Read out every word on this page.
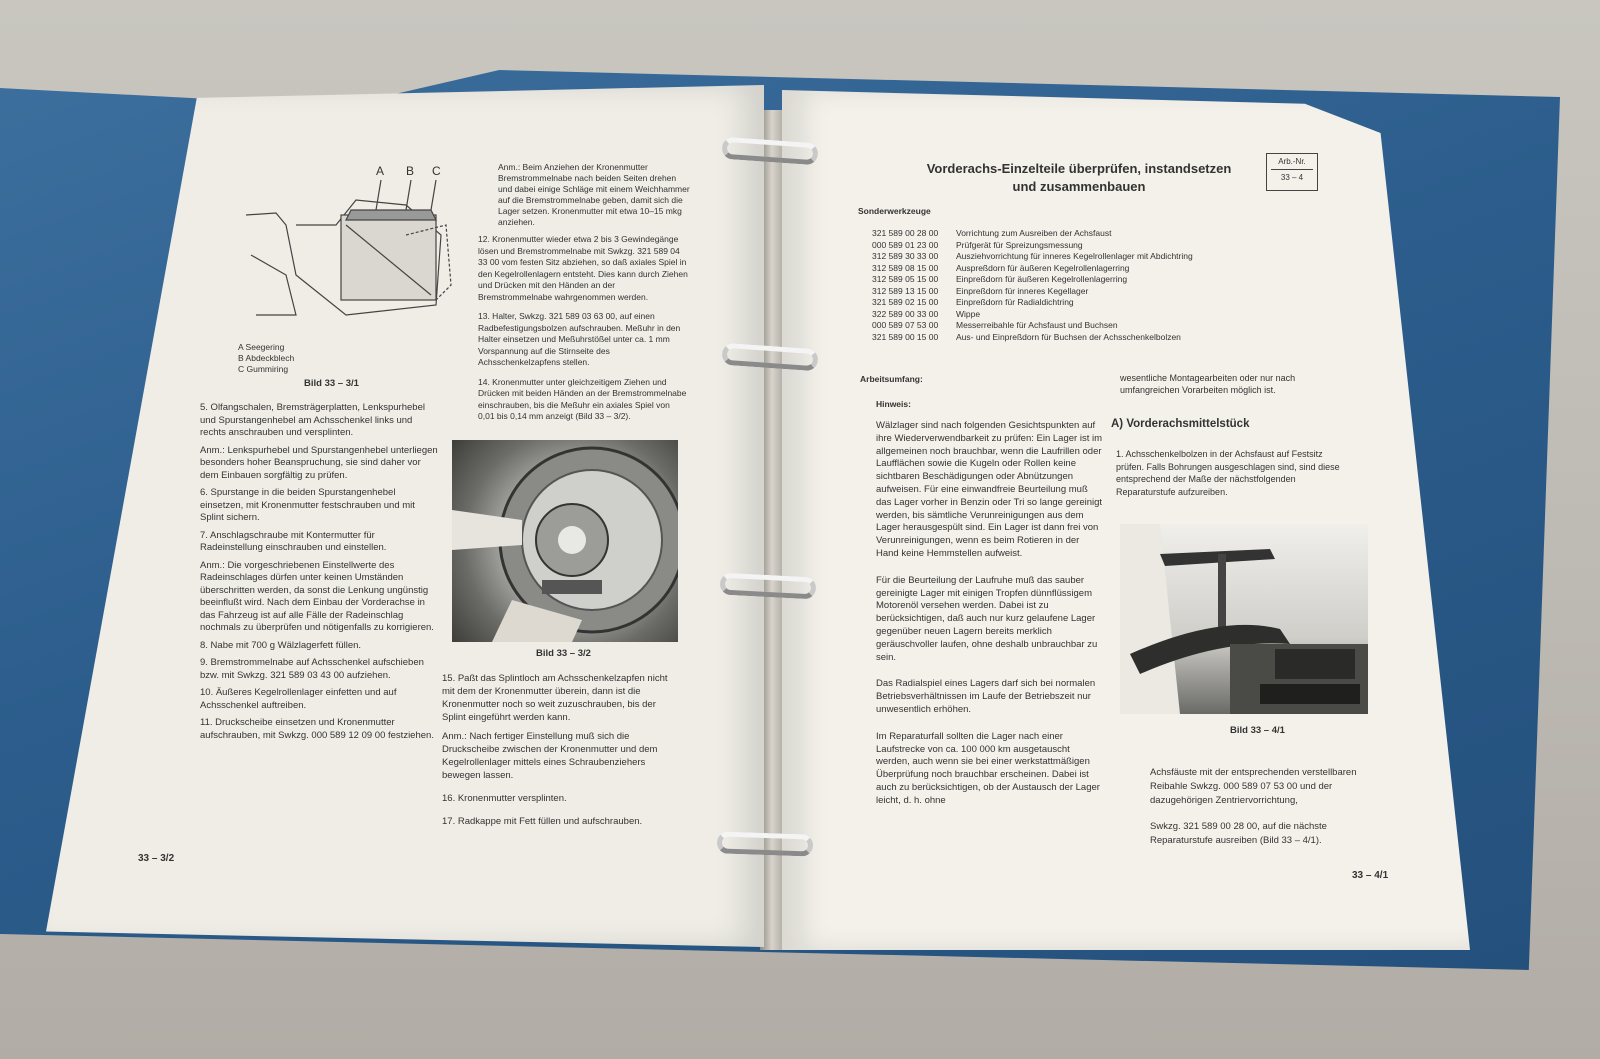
A B C
A Seegering
B Abdeckblech
C Gummiring
Bild 33 – 3/1
Anm.: Beim Anziehen der Kronenmutter Bremstrommelnabe nach beiden Seiten drehen und dabei einige Schläge mit einem Weichhammer auf die Bremstrommelnabe geben, damit sich die Lager setzen. Kronenmutter mit etwa 10–15 mkg anziehen.

12. Kronenmutter wieder etwa 2 bis 3 Gewindegänge lösen und Bremstrommelnabe mit Swkzg. 321 589 04 33 00 vom festen Sitz abziehen, so daß axiales Spiel in den Kegelrollenlagern entsteht. Dies kann durch Ziehen und Drücken mit den Händen an der Bremstrommelnabe wahrgenommen werden.

13. Halter, Swkzg. 321 589 03 63 00, auf einen Radbefestigungsbolzen aufschrauben. Meßuhr in den Halter einsetzen und Meßuhrstößel unter ca. 1 mm Vorspannung auf die Stirnseite des Achsschenkelzapfens stellen.

14. Kronenmutter unter gleichzeitigem Ziehen und Drücken mit beiden Händen an der Bremstrommelnabe einschrauben, bis die Meßuhr ein axiales Spiel von 0,01 bis 0,14 mm anzeigt (Bild 33 – 3/2).

Bild 33 – 3/2

5. Olfangschalen, Bremsträgerplatten, Lenkspurhebel und Spurstangenhebel am Achsschenkel links und rechts anschrauben und versplinten.

Anm.: Lenkspurhebel und Spurstangenhebel unterliegen besonders hoher Beanspruchung, sie sind daher vor dem Einbauen sorgfältig zu prüfen.

6. Spurstange in die beiden Spurstangenhebel einsetzen, mit Kronenmutter festschrauben und mit Splint sichern.

7. Anschlagschraube mit Kontermutter für Radeinstellung einschrauben und einstellen.

Anm.: Die vorgeschriebenen Einstellwerte des Radeinschlages dürfen unter keinen Umständen überschritten werden, da sonst die Lenkung ungünstig beeinflußt wird. Nach dem Einbau der Vorderachse in das Fahrzeug ist auf alle Fälle der Radeinschlag nochmals zu überprüfen und nötigenfalls zu korrigieren.

8. Nabe mit 700 g Wälzlagerfett füllen.

9. Bremstrommelnabe auf Achsschenkel aufschieben bzw. mit Swkzg. 321 589 03 43 00 aufziehen.

10. Äußeres Kegelrollenlager einfetten und auf Achsschenkel auftreiben.

11. Druckscheibe einsetzen und Kronenmutter aufschrauben, mit Swkzg. 000 589 12 09 00 festziehen.

15. Paßt das Splintloch am Achsschenkelzapfen nicht mit dem der Kronenmutter überein, dann ist die Kronenmutter noch so weit zuzuschrauben, bis der Splint eingeführt werden kann.

Anm.: Nach fertiger Einstellung muß sich die Druckscheibe zwischen der Kronenmutter und dem Kegelrollenlager mittels eines Schraubenziehers bewegen lassen.

16. Kronenmutter versplinten.

17. Radkappe mit Fett füllen und aufschrauben.

33 – 3/2
Vorderachs-Einzelteile überprüfen, instandsetzen
und zusammenbauen
Arb.-Nr.
33 – 4
Sonderwerkzeuge
321 589 00 28 00 Vorrichtung zum Ausreiben der Achsfaust
000 589 01 23 00 Prüfgerät für Spreizungsmessung
312 589 30 33 00 Ausziehvorrichtung für inneres Kegelrollenlager mit Abdichtring
312 589 08 15 00 Ausprеßdorn für äußeren Kegelrollenlagerring
312 589 05 15 00 Einpreßdorn für äußeren Kegelrollenlagerring
312 589 13 15 00 Einpreßdorn für inneres Kegellager
321 589 02 15 00 Einpreßdorn für Radialdichtring
322 589 00 33 00 Wippe
000 589 07 53 00 Messerreibahle für Achsfaust und Buchsen
321 589 00 15 00 Aus- und Einpreßdorn für Buchsen der Achsschenkelbolzen
Arbeitsumfang:
Hinweis:

Wälzlager sind nach folgenden Gesichtspunkten auf ihre Wiederverwendbarkeit zu prüfen: Ein Lager ist im allgemeinen noch brauchbar, wenn die Laufrillen oder Laufflächen sowie die Kugeln oder Rollen keine sichtbaren Beschädigungen oder Abnützungen aufweisen. Für eine einwandfreie Beurteilung muß das Lager vorher in Benzin oder Tri so lange gereinigt werden, bis sämtliche Verunreinigungen aus dem Lager herausgespült sind. Ein Lager ist dann frei von Verunreinigungen, wenn es beim Rotieren in der Hand keine Hemmstellen aufweist.

Für die Beurteilung der Laufruhe muß das sauber gereinigte Lager mit einigen Tropfen dünnflüssigem Motorenöl versehen werden. Dabei ist zu berücksichtigen, daß auch nur kurz gelaufene Lager gegenüber neuen Lagern bereits merklich geräuschvoller laufen, ohne deshalb unbrauchbar zu sein.

Das Radialspiel eines Lagers darf sich bei normalen Betriebsverhältnissen im Laufe der Betriebszeit nur unwesentlich erhöhen.

Im Reparaturfall sollten die Lager nach einer Laufstrecke von ca. 100 000 km ausgetauscht werden, auch wenn sie bei einer werkstattmäßigen Überprüfung noch brauchbar erscheinen. Dabei ist auch zu berücksichtigen, ob der Austausch der Lager leicht, d. h. ohne

wesentliche Montagearbeiten oder nur nach umfangreichen Vorarbeiten möglich ist.
A) Vorderachsmittelstück
1. Achsschenkelbolzen in der Achsfaust auf Festsitz prüfen. Falls Bohrungen ausgeschlagen sind, sind diese entsprechend der Maße der nächstfolgenden Reparaturstufe aufzureiben.
Bild 33 – 4/1

Achsfäuste mit der entsprechenden verstellbaren Reibahle Swkzg. 000 589 07 53 00 und der dazugehörigen Zentriervorrichtung,

Swkzg. 321 589 00 28 00, auf die nächste Reparaturstufe ausreiben (Bild 33 – 4/1).

33 – 4/1
